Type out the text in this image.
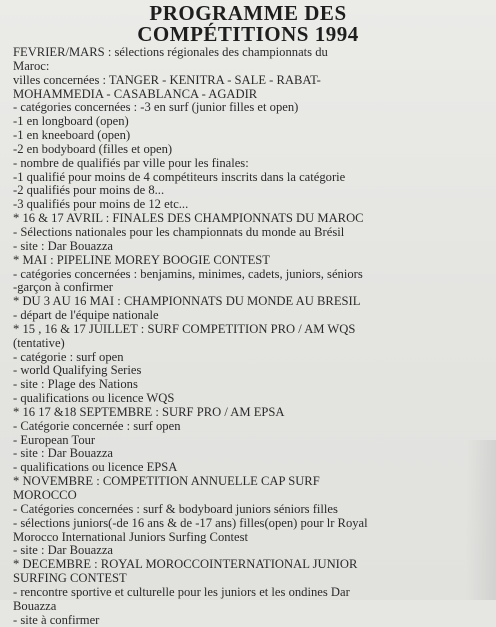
PROGRAMME DES
COMPÉTITIONS 1994
FEVRIER/MARS : sélections régionales des championnats du
Maroc:
villes concernées : TANGER - KENITRA - SALE - RABAT-
MOHAMMEDIA - CASABLANCA - AGADIR
- catégories concernées : -3 en surf (junior filles et open)
-1 en longboard (open)
-1 en kneeboard (open)
-2 en bodyboard (filles et open)
- nombre de qualifiés par ville pour les finales:
-1 qualifié pour moins de 4 compétiteurs inscrits dans la catégorie
-2 qualifiés pour moins de 8...
-3 qualifiés pour moins de 12 etc...
* 16 & 17 AVRIL : FINALES DES CHAMPIONNATS DU MAROC
- Sélections nationales pour les championnats du monde au Brésil
- site : Dar Bouazza
* MAI : PIPELINE MOREY BOOGIE CONTEST
- catégories concernées : benjamins, minimes, cadets, juniors, séniors
-garçon à confirmer
* DU 3 AU 16 MAI : CHAMPIONNATS DU MONDE AU BRESIL
- départ de l'équipe nationale
* 15 , 16 & 17 JUILLET : SURF COMPETITION PRO / AM WQS
(tentative)
- catégorie : surf open
- world Qualifying Series
- site : Plage des Nations
- qualifications ou licence WQS
* 16 17 &18 SEPTEMBRE : SURF PRO / AM EPSA
- Catégorie concernée : surf open
- European Tour
- site : Dar Bouazza
- qualifications ou licence EPSA
* NOVEMBRE : COMPETITION ANNUELLE CAP SURF
MOROCCO
- Catégories concernées : surf & bodyboard juniors séniors filles
- sélections juniors(-de 16 ans & de -17 ans) filles(open) pour lr Royal
Morocco International Juniors Surfing Contest
- site : Dar Bouazza
* DECEMBRE : ROYAL MOROCCOINTERNATIONAL JUNIOR
SURFING CONTEST
- rencontre sportive et culturelle pour les juniors et les ondines Dar
Bouazza
- site à confirmer
